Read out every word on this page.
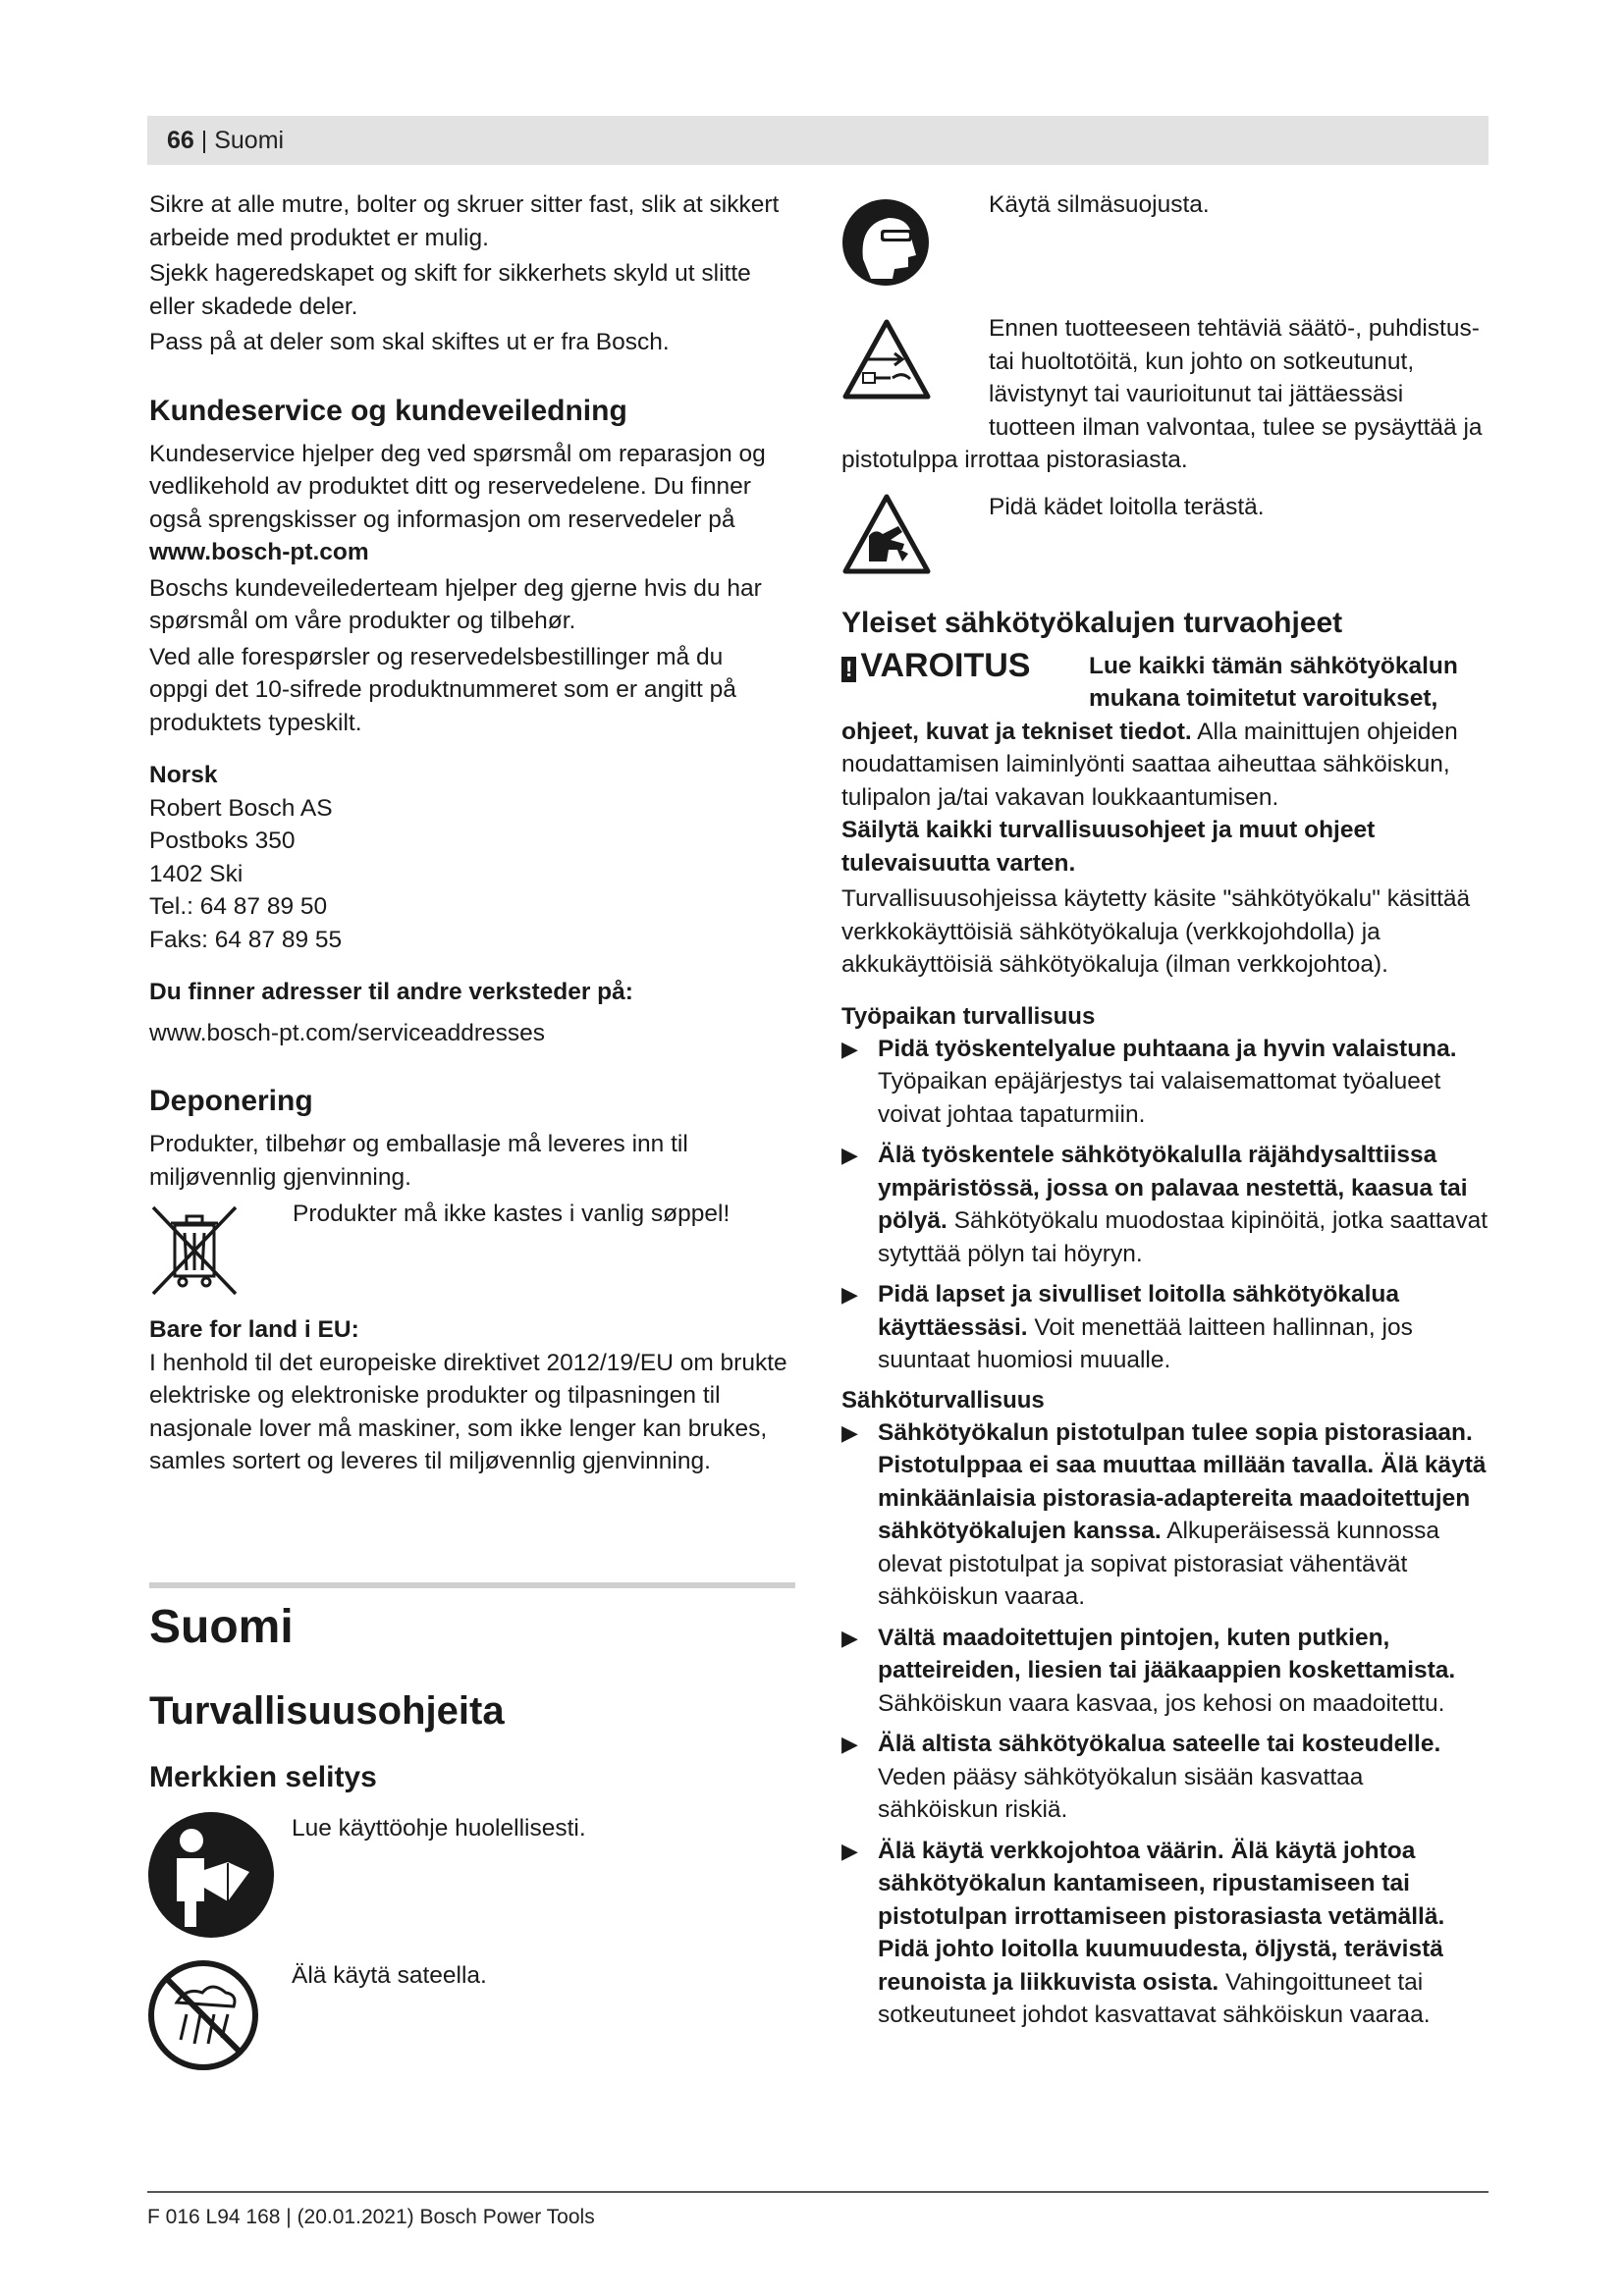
66 | Suomi

Sikre at alle mutre, bolter og skruer sitter fast, slik at sikkert arbeide med produktet er mulig.

Sjekk hageredskapet og skift for sikkerhets skyld ut slitte eller skadede deler.

Pass på at deler som skal skiftes ut er fra Bosch.

Kundeservice og kundeveiledning

Kundeservice hjelper deg ved spørsmål om reparasjon og vedlikehold av produktet ditt og reservedelene. Du finner også sprengskisser og informasjon om reservedeler på

www.bosch-pt.com

Boschs kundeveilederteam hjelper deg gjerne hvis du har spørsmål om våre produkter og tilbehør.

Ved alle forespørsler og reservedelsbestillinger må du oppgi det 10-sifrede produktnummeret som er angitt på produktets typeskilt.

Norsk

Robert Bosch AS

Postboks 350

1402 Ski

Tel.: 64 87 89 50

Faks: 64 87 89 55

Du finner adresser til andre verksteder på:

www.bosch-pt.com/serviceaddresses

Deponering

Produkter, tilbehør og emballasje må leveres inn til miljøvennlig gjenvinning.

Produkter må ikke kastes i vanlig søppel!

Bare for land i EU:

I henhold til det europeiske direktivet 2012/19/EU om brukte elektriske og elektroniske produkter og tilpasningen til nasjonale lover må maskiner, som ikke lenger kan brukes, samles sortert og leveres til miljøvennlig gjenvinning.

Suomi
Turvallisuusohjeita
Merkkien selitys

Lue käyttöohje huolellisesti.

Älä käytä sateella.

Käytä silmäsuojusta.

Ennen tuotteeseen tehtäviä säätö-, puhdistus- tai huoltotöitä, kun johto on sotkeutunut, lävistynyt tai vaurioitunut tai jättäessäsi tuotteen ilman valvontaa, tulee se pysäyttää ja pistotulppa irrottaa pistorasiasta.

Pidä kädet loitolla terästä.

Yleiset sähkötyökalujen turvaohjeet
! VAROITUS	Lue kaikki tämän sähkötyökalun mukana toimitetut varoitukset, ohjeet, kuvat ja tekniset tiedot. Alla mainittujen ohjeiden noudattamisen laiminlyönti saattaa aiheuttaa sähköiskun, tulipalon ja/tai vakavan loukkaantumisen.

Säilytä kaikki turvallisuusohjeet ja muut ohjeet tulevaisuutta varten.

Turvallisuusohjeissa käytetty käsite "sähkötyökalu" käsittää verkkokäyttöisiä sähkötyökaluja (verkkojohdolla) ja akkukäyttöisiä sähkötyökaluja (ilman verkkojohtoa).

Työpaikan turvallisuus

▶ Pidä työskentelyalue puhtaana ja hyvin valaistuna. Työpaikan epäjärjestys tai valaisemattomat työalueet voivat johtaa tapaturmiin.
▶ Älä työskentele sähkötyökalulla räjähdysalttiissa ympäristössä, jossa on palavaa nestettä, kaasua tai pölyä. Sähkötyökalu muodostaa kipinöitä, jotka saattavat sytyttää pölyn tai höyryn.
▶ Pidä lapset ja sivulliset loitolla sähkötyökalua käyttäessäsi. Voit menettää laitteen hallinnan, jos suuntaat huomiosi muualle.

Sähköturvallisuus

▶ Sähkötyökalun pistotulpan tulee sopia pistorasiaan. Pistotulppaa ei saa muuttaa millään tavalla. Älä käytä minkäänlaisia pistorasia-adaptereita maadoitettujen sähkötyökalujen kanssa. Alkuperäisessä kunnossa olevat pistotulpat ja sopivat pistorasiat vähentävät sähköiskun vaaraa.
▶ Vältä maadoitettujen pintojen, kuten putkien, patteireiden, liesien tai jääkaappien koskettamista. Sähköiskun vaara kasvaa, jos kehosi on maadoitettu.
▶ Älä altista sähkötyökalua sateelle tai kosteudelle. Veden pääsy sähkötyökalun sisään kasvattaa sähköiskun riskiä.
▶ Älä käytä verkkojohtoa väärin. Älä käytä johtoa sähkötyökalun kantamiseen, ripustamiseen tai pistotulpan irrottamiseen pistorasiasta vetämällä. Pidä johto loitolla kuumuudesta, öljystä, terävistä reunoista ja liikkuvista osista. Vahingoittuneet tai sotkeutuneet johdot kasvattavat sähköiskun vaaraa.
F 016 L94 168 | (20.01.2021) Bosch Power Tools
